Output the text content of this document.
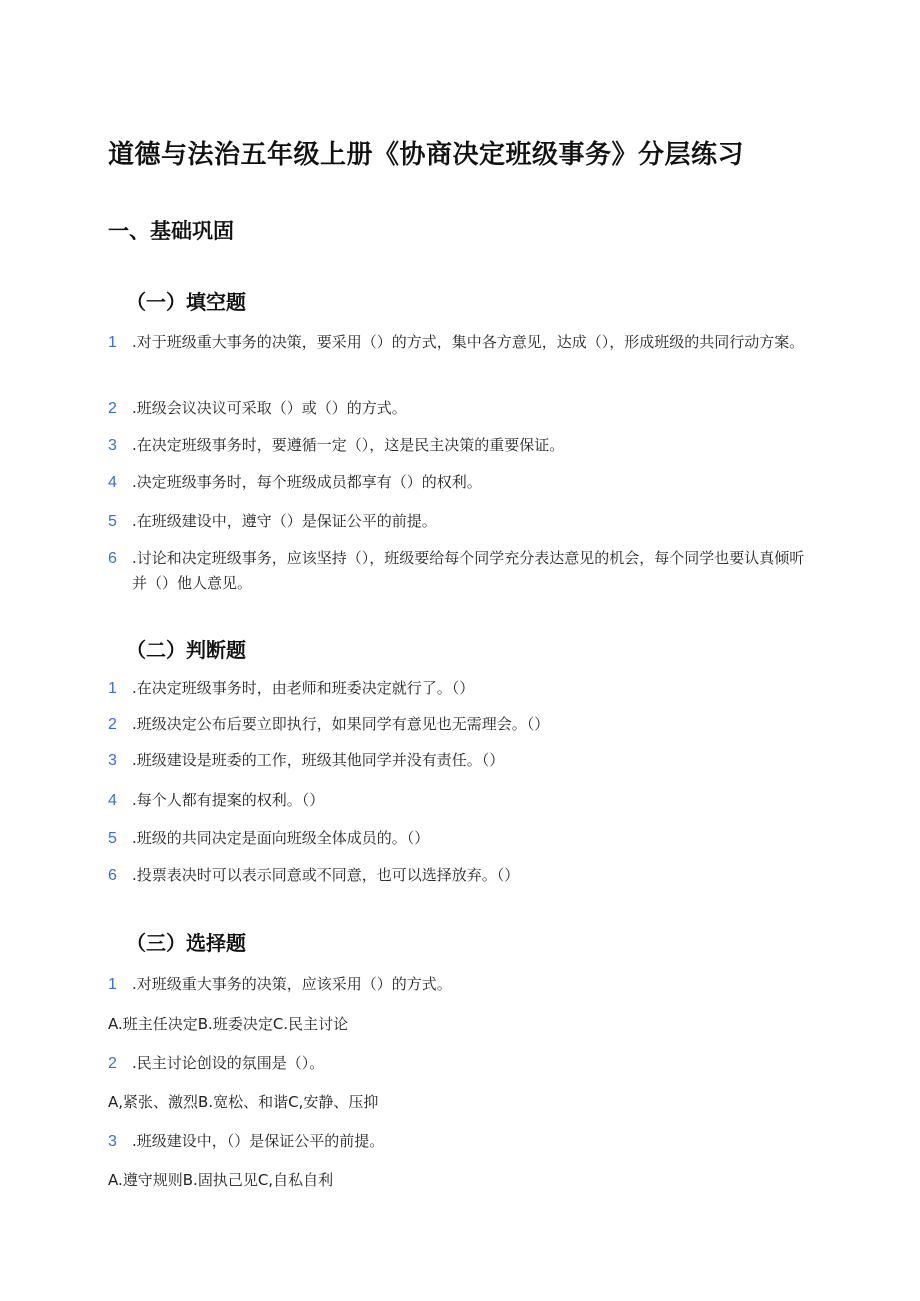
道德与法治五年级上册《协商决定班级事务》分层练习
一、基础巩固
（一）填空题
1	.对于班级重大事务的决策，要采用（）的方式，集中各方意见，达成（），形成班级的共同行动方案。
2	.班级会议决议可采取（）或（）的方式。
3	.在决定班级事务时，要遵循一定（），这是民主决策的重要保证。
4	.决定班级事务时，每个班级成员都享有（）的权利。
5	.在班级建设中，遵守（）是保证公平的前提。
6	.讨论和决定班级事务，应该坚持（），班级要给每个同学充分表达意见的机会，每个同学也要认真倾听并（）他人意见。
（二）判断题
1	.在决定班级事务时，由老师和班委决定就行了。（）
2	.班级决定公布后要立即执行，如果同学有意见也无需理会。（）
3	.班级建设是班委的工作，班级其他同学并没有责任。（）
4	.每个人都有提案的权利。（）
5	.班级的共同决定是面向班级全体成员的。（）
6	.投票表决时可以表示同意或不同意，也可以选择放弃。（）
（三）选择题
1	.对班级重大事务的决策，应该采用（）的方式。
A.班主任决定B.班委决定C.民主讨论
2	.民主讨论创设的氛围是（）。
A,紧张、激烈B.宽松、和谐C,安静、压抑
3	.班级建设中，（）是保证公平的前提。
A.遵守规则B.固执己见C,自私自利
